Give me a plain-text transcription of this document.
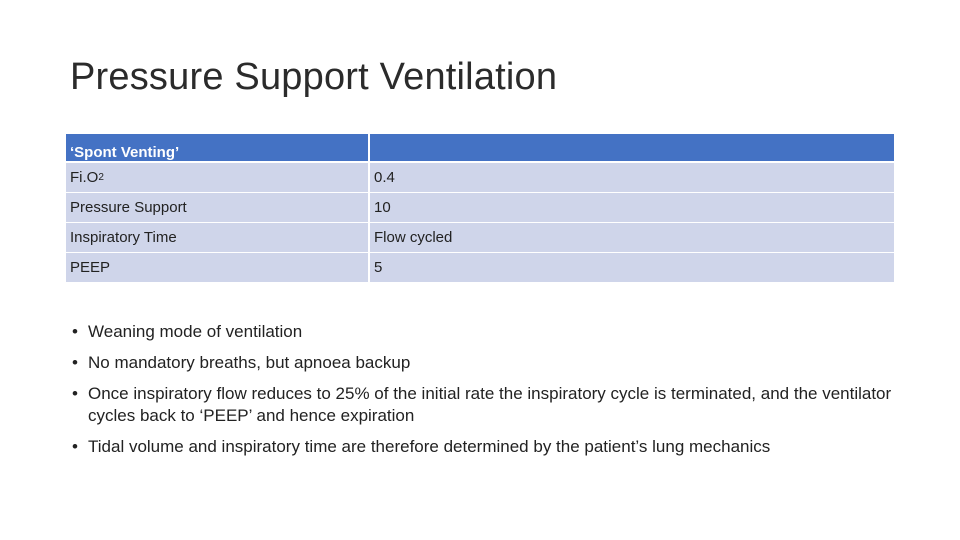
Pressure Support Ventilation
‘Spont Venting’
Fi.O 2	0.4
Pressure Support	10
Inspiratory Time	Flow cycled
PEEP	5
• Weaning mode of ventilation
• No mandatory breaths, but apnoea backup
• Once inspiratory flow reduces to 25% of the initial rate the inspiratory cycle is terminated, and the ventilator cycles back to ‘PEEP’ and hence expiration
• Tidal volume and inspiratory time are therefore determined by the patient’s lung mechanics
